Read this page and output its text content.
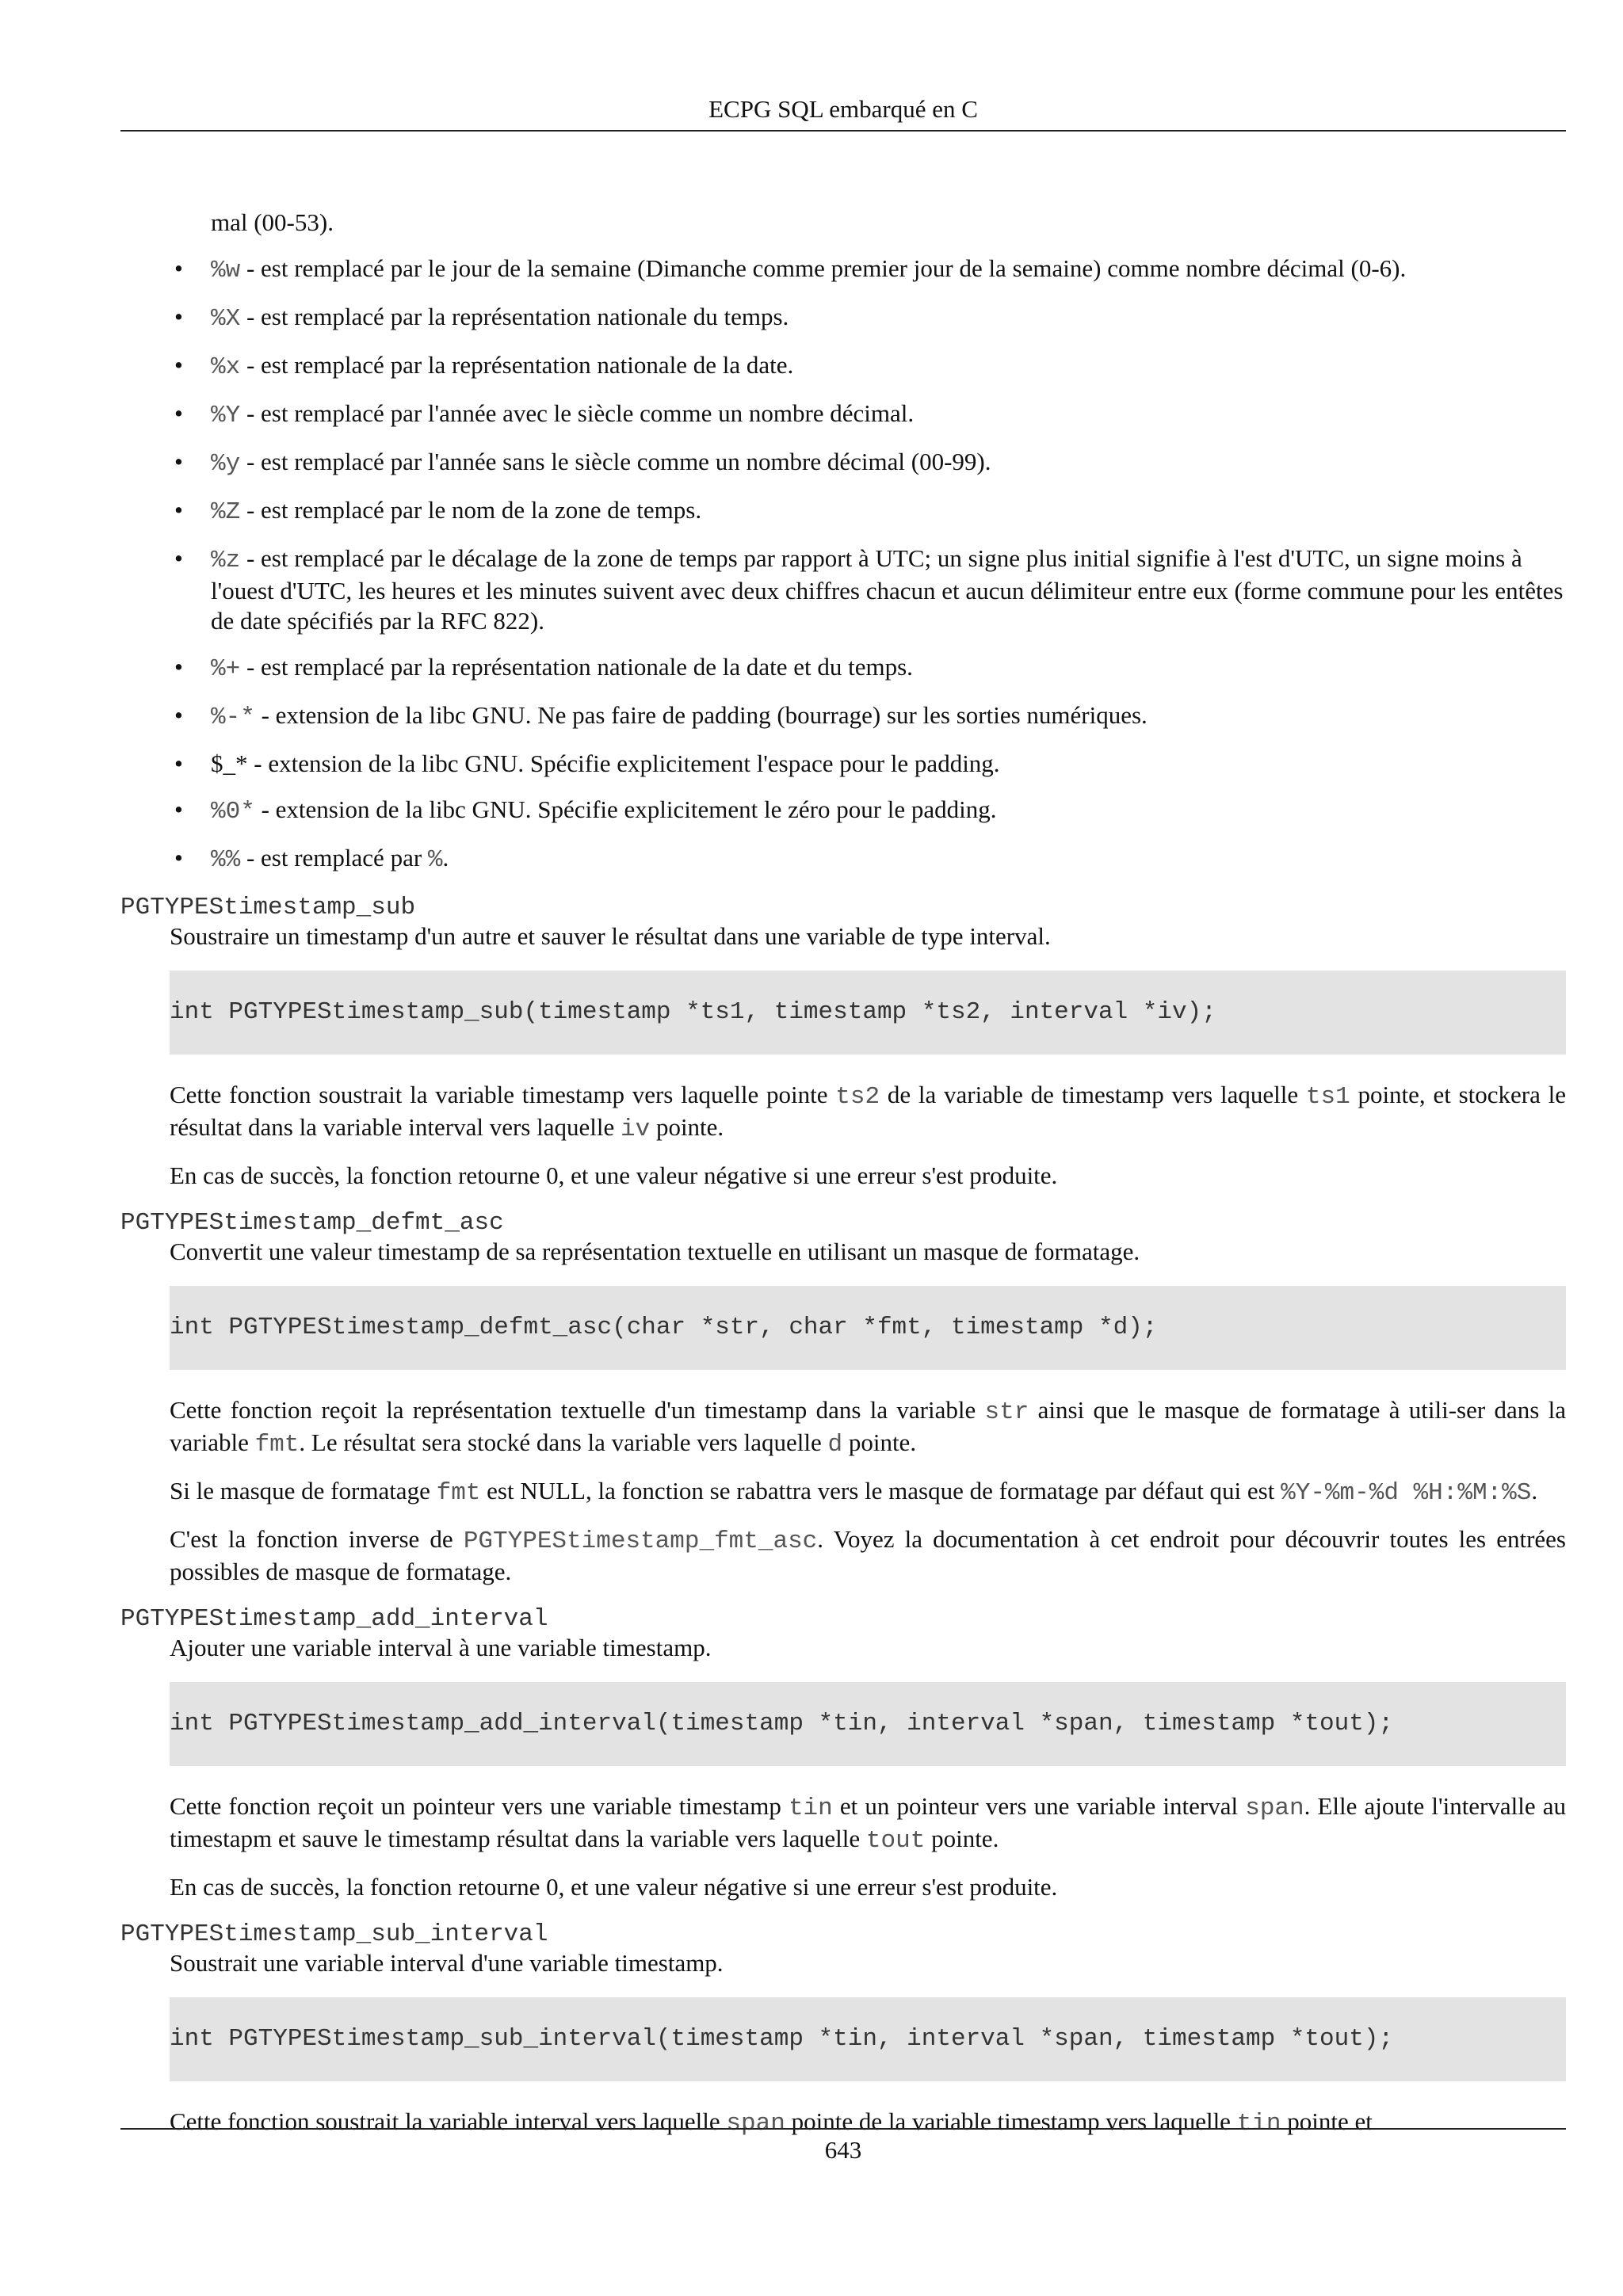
ECPG SQL embarqué en C

mal (00-53).

• %w - est remplacé par le jour de la semaine (Dimanche comme premier jour de la semaine) comme nombre décimal (0-6).
• %X - est remplacé par la représentation nationale du temps.
• %x - est remplacé par la représentation nationale de la date.
• %Y - est remplacé par l'année avec le siècle comme un nombre décimal.
• %y - est remplacé par l'année sans le siècle comme un nombre décimal (00-99).
• %Z - est remplacé par le nom de la zone de temps.
• %z - est remplacé par le décalage de la zone de temps par rapport à UTC; un signe plus initial signifie à l'est d'UTC, un signe moins à l'ouest d'UTC, les heures et les minutes suivent avec deux chiffres chacun et aucun délimiteur entre eux (forme commune pour les entêtes de date spécifiés par la RFC 822).
• %+ - est remplacé par la représentation nationale de la date et du temps.
• %-* - extension de la libc GNU. Ne pas faire de padding (bourrage) sur les sorties numériques.
• $_* - extension de la libc GNU. Spécifie explicitement l'espace pour le padding.
• %0* - extension de la libc GNU. Spécifie explicitement le zéro pour le padding.
• %% - est remplacé par %.
PGTYPEStimestamp_sub

Soustraire un timestamp d'un autre et sauver le résultat dans une variable de type interval.

int PGTYPEStimestamp_sub(timestamp *ts1, timestamp *ts2, interval *iv);

Cette fonction soustrait la variable timestamp vers laquelle pointe ts2 de la variable de timestamp vers laquelle ts1 pointe, et stockera le résultat dans la variable interval vers laquelle iv pointe.

En cas de succès, la fonction retourne 0, et une valeur négative si une erreur s'est produite.

PGTYPEStimestamp_defmt_asc

Convertit une valeur timestamp de sa représentation textuelle en utilisant un masque de formatage.

int PGTYPEStimestamp_defmt_asc(char *str, char *fmt, timestamp *d);

Cette fonction reçoit la représentation textuelle d'un timestamp dans la variable str ainsi que le masque de formatage à utili-ser dans la variable fmt. Le résultat sera stocké dans la variable vers laquelle d pointe.

Si le masque de formatage fmt est NULL, la fonction se rabattra vers le masque de formatage par défaut qui est %Y-%m-%d %H:%M:%S.

C'est la fonction inverse de PGTYPEStimestamp_fmt_asc. Voyez la documentation à cet endroit pour découvrir toutes les entrées possibles de masque de formatage.

PGTYPEStimestamp_add_interval

Ajouter une variable interval à une variable timestamp.

int PGTYPEStimestamp_add_interval(timestamp *tin, interval *span, timestamp *tout);

Cette fonction reçoit un pointeur vers une variable timestamp tin et un pointeur vers une variable interval span. Elle ajoute l'intervalle au timestapm et sauve le timestamp résultat dans la variable vers laquelle tout pointe.

En cas de succès, la fonction retourne 0, et une valeur négative si une erreur s'est produite.

PGTYPEStimestamp_sub_interval

Soustrait une variable interval d'une variable timestamp.

int PGTYPEStimestamp_sub_interval(timestamp *tin, interval *span, timestamp *tout);

Cette fonction soustrait la variable interval vers laquelle span pointe de la variable timestamp vers laquelle tin pointe et

643
